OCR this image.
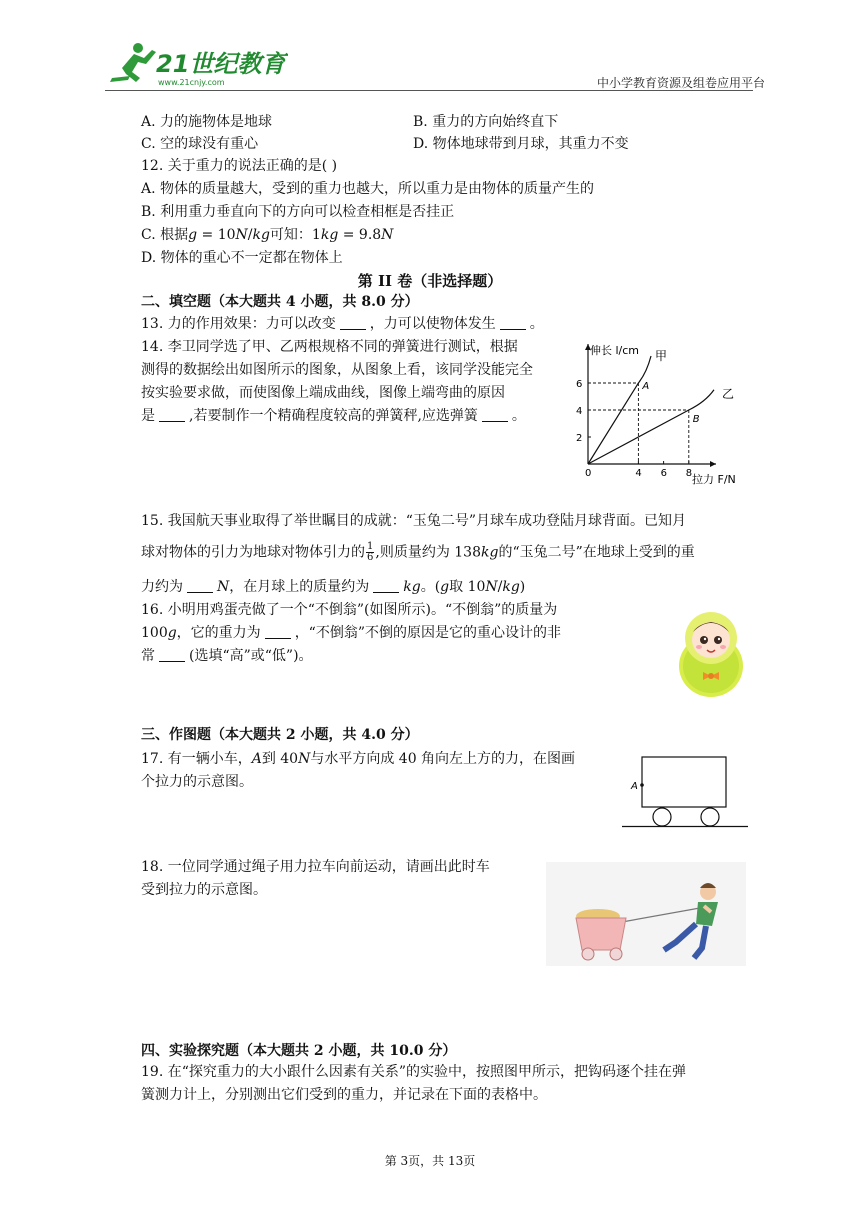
21世纪教育
www.21cnjy.com	中小学教育资源及组卷应用平台
A. 力的施物体是地球	B. 重力的方向始终直下
C. 空的球没有重心	D. 物体地球带到月球，其重力不变
12. 关于重力的说法正确的是( )
A. 物体的质量越大，受到的重力也越大，所以重力是由物体的质量产生的
B. 利用重力垂直向下的方向可以检查相框是否挂正
C. 根据𝑔 = 10𝑁/𝑘𝑔可知：1𝑘𝑔 = 9.8𝑁
D. 物体的重心不一定都在物体上
第 II 卷（非选择题）
二、填空题（本大题共 4 小题，共 8.0 分）
13. 力的作用效果：力可以改变 ，力可以使物体发生 。
14. 李卫同学选了甲、乙两根规格不同的弹簧进行测试，根据
测得的数据绘出如图所示的图象，从图象上看，该同学没能完全
按实验要求做，而使图像上端成曲线，图像上端弯曲的原因
是 ,若要制作一个精确程度较高的弹簧秤,应选弹簧 。
伸长 l/cm
拉力 F/N
0	4 6 8
2
4
6	A
甲
B
乙
15. 我国航天事业取得了举世瞩目的成就：“玉兔二号”月球车成功登陆月球背面。已知月
球对物体的引力为地球对物体引力的 $\frac{1}{6}$ ,则质量约为 138𝑘𝑔的“玉兔二号”在地球上受到的重
力约为 𝑁，在月球上的质量约为 𝑘𝑔。(𝑔取 10𝑁/𝑘𝑔)
16. 小明用鸡蛋壳做了一个“不倒翁”(如图所示)。“不倒翁”的质量为
100𝑔，它的重力为 ，“不倒翁”不倒的原因是它的重心设计的非
常 (选填“高”或“低”)。
三、作图题（本大题共 2 小题，共 4.0 分）
17. 有一辆小车，𝐴到 40𝑁与水平方向成 40 角向左上方的力，在图画
个拉力的示意图。	A
18. 一位同学通过绳子用力拉车向前运动，请画出此时车
受到拉力的示意图。
四、实验探究题（本大题共 2 小题，共 10.0 分）
19. 在“探究重力的大小跟什么因素有关系”的实验中，按照图甲所示，把钩码逐个挂在弹
簧测力计上，分别测出它们受到的重力，并记录在下面的表格中。
第 3页，共 13页
